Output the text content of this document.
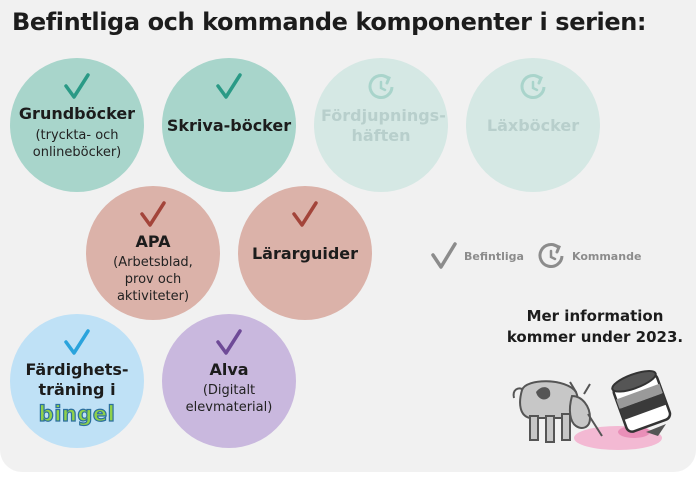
Befintliga och kommande komponenter i serien:
Grundböcker
(tryckta- och onlineböcker)
Skriva-böcker
Fördjupnings-häften
Läxböcker
APA
(Arbetsblad, prov och aktiviteter)
Lärarguider
Färdighets-träning i
bingel
Alva
(Digitalt elevmaterial)
Befintliga	Kommande
Mer information kommer under 2023.
